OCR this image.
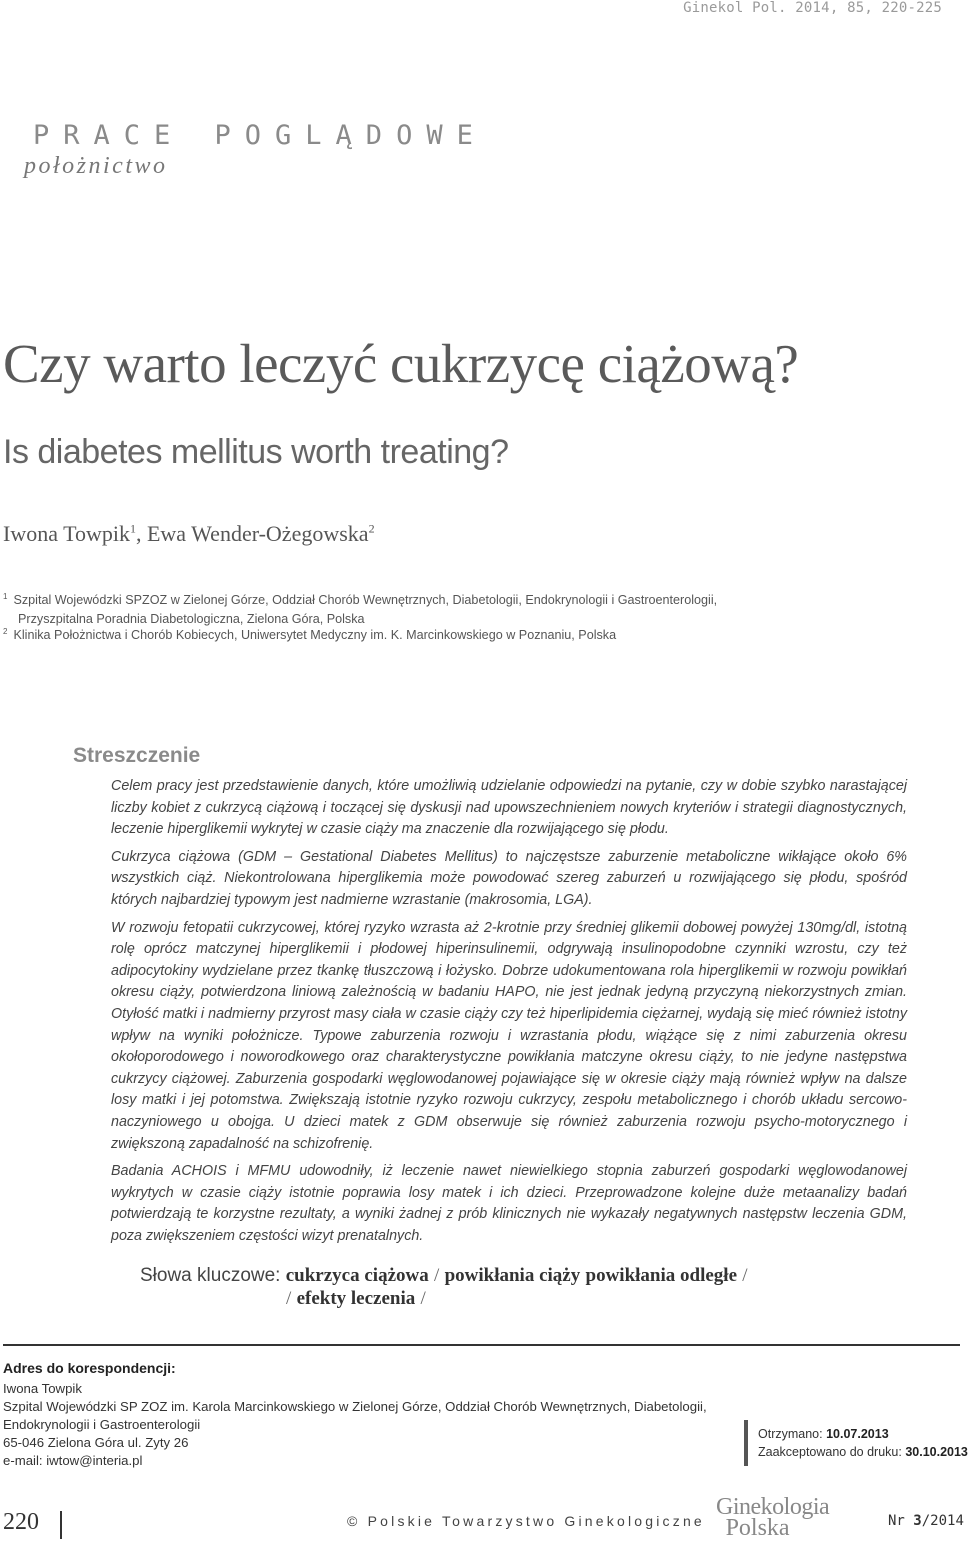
Ginekol Pol. 2014, 85, 220-225
PRACE POGLĄDOWE
położnictwo
Czy warto leczyć cukrzycę ciążową?
Is diabetes mellitus worth treating?
Iwona Towpik$^1$, Ewa Wender-Ożegowska$^2$
$^1$ Szpital Wojewódzki SPZOZ w Zielonej Górze, Oddział Chorób Wewnętrznych, Diabetologii, Endokrynologii i Gastroenterologii,
Przyszpitalna Poradnia Diabetologiczna, Zielona Góra, Polska
$^2$ Klinika Położnictwa i Chorób Kobiecych, Uniwersytet Medyczny im. K. Marcinkowskiego w Poznaniu, Polska
Streszczenie

Celem pracy jest przedstawienie danych, które umożliwią udzielanie odpowiedzi na pytanie, czy w dobie szybko narastającej liczby kobiet z cukrzycą ciążową i toczącej się dyskusji nad upowszechnieniem nowych kryteriów i strategii diagnostycznych, leczenie hiperglikemii wykrytej w czasie ciąży ma znaczenie dla rozwijającego się płodu.

Cukrzyca ciążowa (GDM – Gestational Diabetes Mellitus) to najczęstsze zaburzenie metaboliczne wikłające około 6% wszystkich ciąż. Niekontrolowana hiperglikemia może powodować szereg zaburzeń u rozwijającego się płodu, spośród których najbardziej typowym jest nadmierne wzrastanie (makrosomia, LGA).

W rozwoju fetopatii cukrzycowej, której ryzyko wzrasta aż 2-krotnie przy średniej glikemii dobowej powyżej 130mg/dl, istotną rolę oprócz matczynej hiperglikemii i płodowej hiperinsulinemii, odgrywają insulinopodobne czynniki wzrostu, czy też adipocytokiny wydzielane przez tkankę tłuszczową i łożysko. Dobrze udokumentowana rola hiperglikemii w rozwoju powikłań okresu ciąży, potwierdzona liniową zależnością w badaniu HAPO, nie jest jednak jedyną przyczyną niekorzystnych zmian. Otyłość matki i nadmierny przyrost masy ciała w czasie ciąży czy też hiperlipidemia ciężarnej, wydają się mieć również istotny wpływ na wyniki położnicze. Typowe zaburzenia rozwoju i wzrastania płodu, wiążące się z nimi zaburzenia okresu okołoporodowego i noworodkowego oraz charakterystyczne powikłania matczyne okresu ciąży, to nie jedyne następstwa cukrzycy ciążowej. Zaburzenia gospodarki węglowodanowej pojawiające się w okresie ciąży mają również wpływ na dalsze losy matki i jej potomstwa. Zwiększają istotnie ryzyko rozwoju cukrzycy, zespołu metabolicznego i chorób układu sercowo-naczyniowego u obojga. U dzieci matek z GDM obserwuje się również zaburzenia rozwoju psycho-motorycznego i zwiększoną zapadalność na schizofrenię.

Badania ACHOIS i MFMU udowodniły, iż leczenie nawet niewielkiego stopnia zaburzeń gospodarki węglowodanowej wykrytych w czasie ciąży istotnie poprawia losy matek i ich dzieci. Przeprowadzone kolejne duże metaanalizy badań potwierdzają te korzystne rezultaty, a wyniki żadnej z prób klinicznych nie wykazały negatywnych następstw leczenia GDM, poza zwiększeniem częstości wizyt prenatalnych.

Słowa kluczowe: cukrzyca ciążowa / powikłania ciąży powikłania odległe /
/ efekty leczenia /
Adres do korespondencji:
Iwona Towpik
Szpital Wojewódzki SP ZOZ im. Karola Marcinkowskiego w Zielonej Górze, Oddział Chorób Wewnętrznych, Diabetologii,
Endokrynologii i Gastroenterologii
65-046 Zielona Góra ul. Zyty 26
e-mail: iwtow@interia.pl
Otrzymano: 10.07.2013
Zaakceptowano do druku: 30.10.2013
220	© Polskie Towarzystwo Ginekologiczne
Ginekologia
Polska	Nr 3/2014
